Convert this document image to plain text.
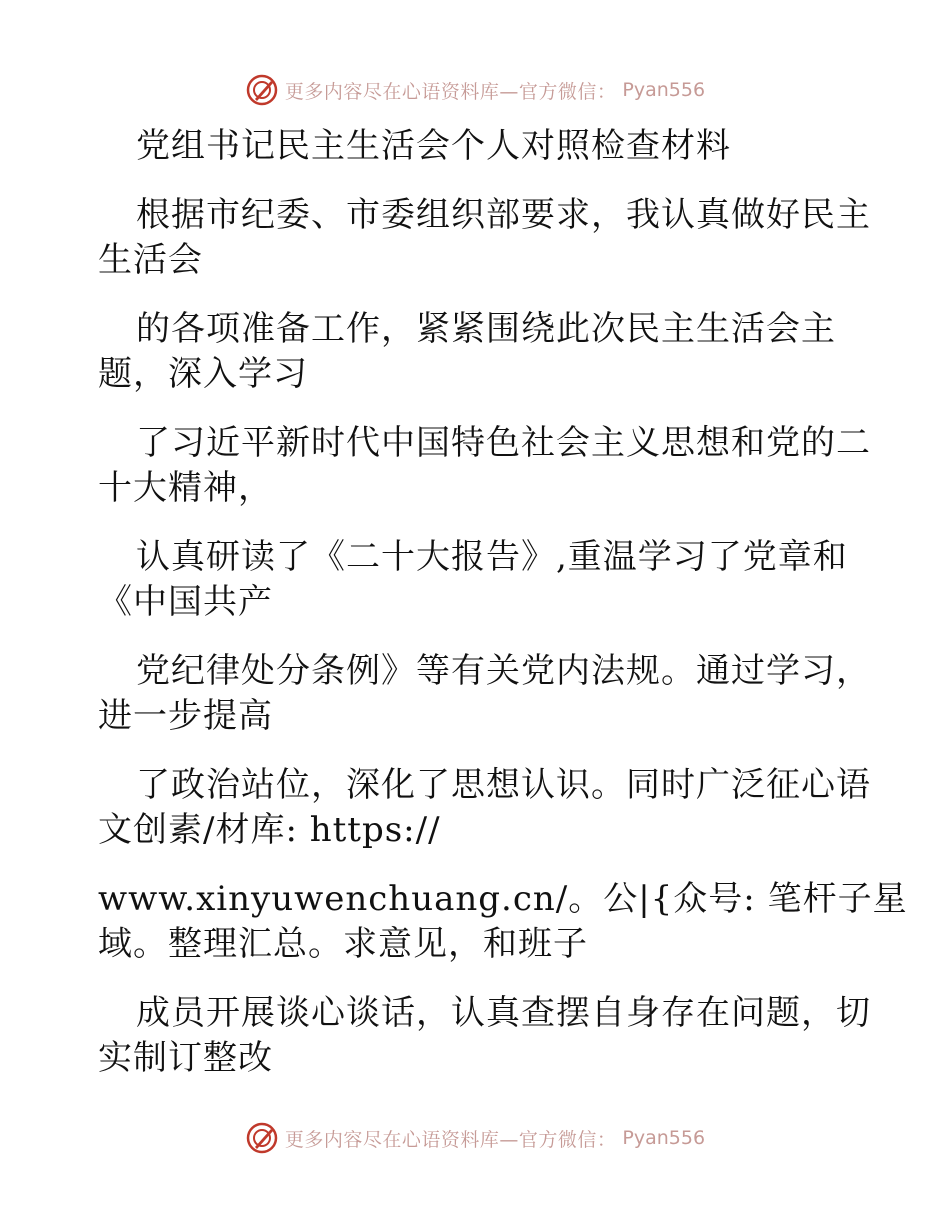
更多内容尽在心语资料库—官方微信： Pyan556
党组书记民主生活会个人对照检查材料
根据市纪委、市委组织部要求，我认真做好民主
生活会
的各项准备工作，紧紧围绕此次民主生活会主
题，深入学习
了习近平新时代中国特色社会主义思想和党的二
十大精神，
认真研读了《二十大报告》,重温学习了党章和
《中国共产
党纪律处分条例》等有关党内法规。通过学习，
进一步提高
了政治站位，深化了思想认识。同时广泛征心语
文创素/材库: https://
www.xinyuwenchuang.cn/。公|{众号: 笔杆子星
域。整理汇总。求意见，和班子
成员开展谈心谈话，认真查摆自身存在问题，切
实制订整改
更多内容尽在心语资料库—官方微信： Pyan556
